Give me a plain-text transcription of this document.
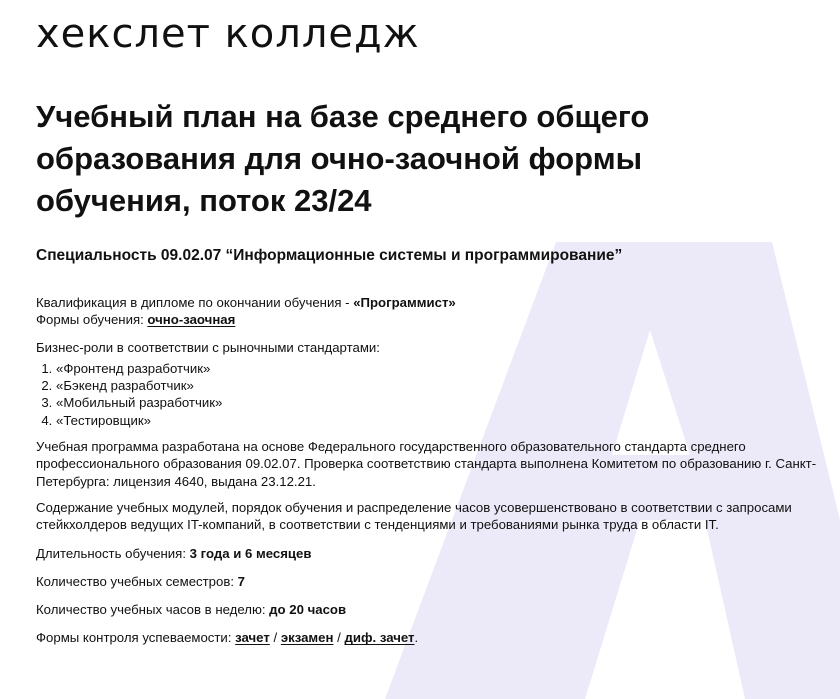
хекслет колледж
Учебный план на базе среднего общего образования для очно-заочной формы обучения, поток 23/24
Специальность 09.02.07 “Информационные системы и программирование”

Квалификация в дипломе по окончании обучения - «Программист»

Формы обучения: очно-заочная

Бизнес-роли в соответствии с рыночными стандартами:

1. «Фронтенд разработчик»
2. «Бэкенд разработчик»
3. «Мобильный разработчик»
4. «Тестировщик»

Учебная программа разработана на основе Федерального государственного образовательного стандарта среднего профессионального образования 09.02.07. Проверка соответствию стандарта выполнена Комитетом по образованию г. Санкт-Петербурга: лицензия 4640, выдана 23.12.21.

Содержание учебных модулей, порядок обучения и распределение часов усовершенствовано в соответствии с запросами стейкхолдеров ведущих IT-компаний, в соответствии с тенденциями и требованиями рынка труда в области IT.

Длительность обучения: 3 года и 6 месяцев

Количество учебных семестров: 7

Количество учебных часов в неделю: до 20 часов

Формы контроля успеваемости: зачет / экзамен / диф. зачет.
